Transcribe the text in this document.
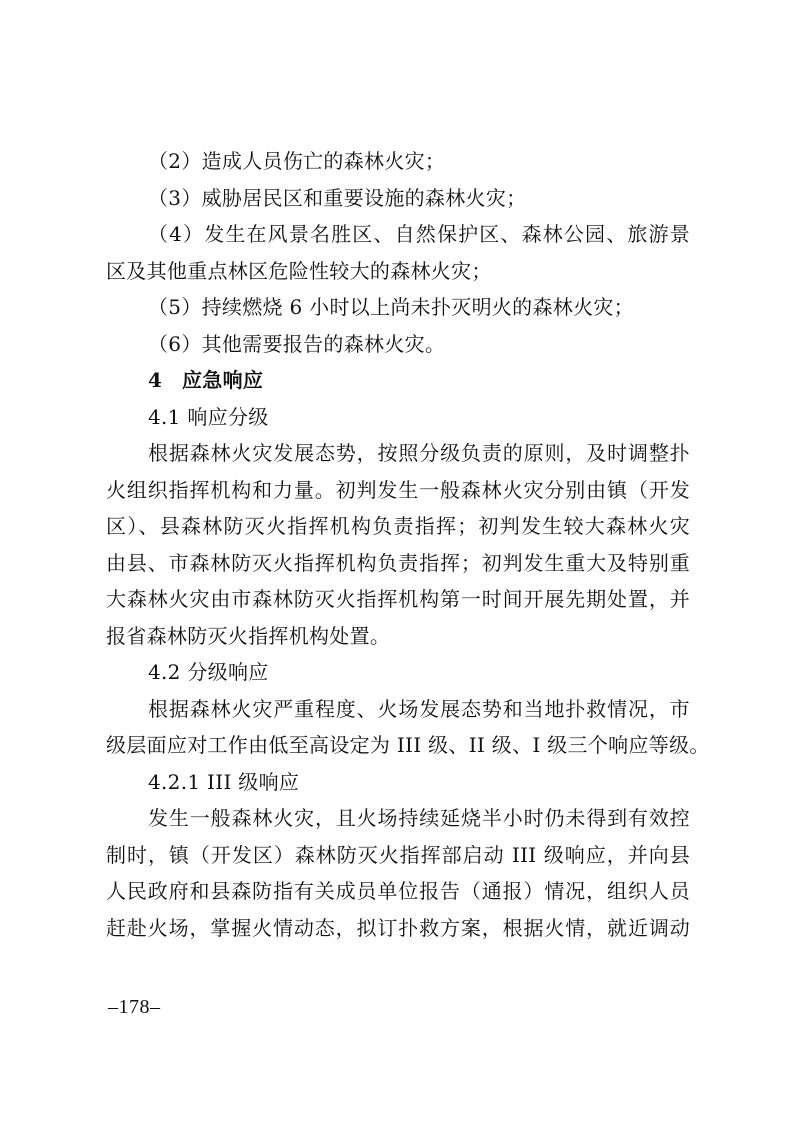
（2）造成人员伤亡的森林火灾；
（3）威胁居民区和重要设施的森林火灾；
（4）发生在风景名胜区、自然保护区、森林公园、旅游景
区及其他重点林区危险性较大的森林火灾；
（5）持续燃烧 6 小时以上尚未扑灭明火的森林火灾；
（6）其他需要报告的森林火灾。
4 应急响应
4.1 响应分级
根据森林火灾发展态势，按照分级负责的原则，及时调整扑
火组织指挥机构和力量。初判发生一般森林火灾分别由镇（开发
区）、县森林防灭火指挥机构负责指挥；初判发生较大森林火灾
由县、市森林防灭火指挥机构负责指挥；初判发生重大及特别重
大森林火灾由市森林防灭火指挥机构第一时间开展先期处置，并
报省森林防灭火指挥机构处置。
4.2 分级响应
根据森林火灾严重程度、火场发展态势和当地扑救情况，市
级层面应对工作由低至高设定为 III 级、II 级、I 级三个响应等级。
4.2.1 III 级响应
发生一般森林火灾，且火场持续延烧半小时仍未得到有效控
制时，镇（开发区）森林防灭火指挥部启动 III 级响应，并向县
人民政府和县森防指有关成员单位报告（通报）情况，组织人员
赶赴火场，掌握火情动态，拟订扑救方案，根据火情，就近调动
–178–
